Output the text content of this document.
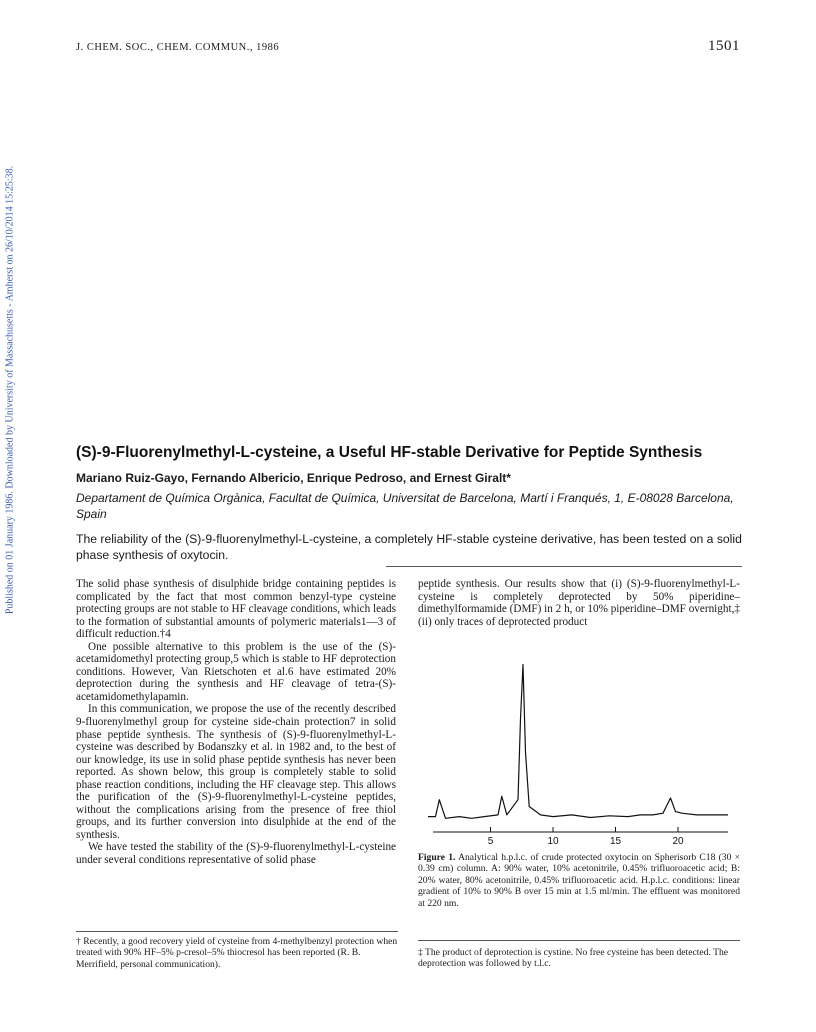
J. CHEM. SOC., CHEM. COMMUN., 1986	1501
Published on 01 January 1986. Downloaded by University of Massachusetts - Amherst on 26/10/2014 15:25:38.	(S)-9-Fluorenylmethyl-L-cysteine, a Useful HF-stable Derivative for Peptide Synthesis
Mariano Ruiz-Gayo, Fernando Albericio, Enrique Pedroso, and Ernest Giralt*
Departament de Química Orgànica, Facultat de Química, Universitat de Barcelona, Martí i Franqués, 1, E-08028 Barcelona, Spain
The reliability of the (S)-9-fluorenylmethyl-L-cysteine, a completely HF-stable cysteine derivative, has been tested on a solid phase synthesis of oxytocin.

The solid phase synthesis of disulphide bridge containing peptides is complicated by the fact that most common benzyl-type cysteine protecting groups are not stable to HF cleavage conditions, which leads to the formation of substantial amounts of polymeric materials1—3 of difficult reduction.†4

One possible alternative to this problem is the use of the (S)-acetamidomethyl protecting group,5 which is stable to HF deprotection conditions. However, Van Rietschoten et al.6 have estimated 20% deprotection during the synthesis and HF cleavage of tetra-(S)-acetamidomethylapamin.

In this communication, we propose the use of the recently described 9-fluorenylmethyl group for cysteine side-chain protection7 in solid phase peptide synthesis. The synthesis of (S)-9-fluorenylmethyl-L-cysteine was described by Bodanszky et al. in 1982 and, to the best of our knowledge, its use in solid phase peptide synthesis has never been reported. As shown below, this group is completely stable to solid phase reaction conditions, including the HF cleavage step. This allows the purification of the (S)-9-fluorenylmethyl-L-cysteine peptides, without the complications arising from the presence of free thiol groups, and its further conversion into disulphide at the end of the synthesis.

We have tested the stability of the (S)-9-fluorenylmethyl-L-cysteine under several conditions representative of solid phase

peptide synthesis. Our results show that (i) (S)-9-fluorenylmethyl-L-cysteine is completely deprotected by 50% piperidine–dimethylformamide (DMF) in 2 h, or 10% piperidine–DMF overnight,‡ (ii) only traces of deprotected product

5	10	15	20
Figure 1. Analytical h.p.l.c. of crude protected oxytocin on Spherisorb C18 (30 × 0.39 cm) column. A: 90% water, 10% acetonitrile, 0.45% trifluoroacetic acid; B: 20% water, 80% acetonitrile, 0.45% trifluoroacetic acid. H.p.l.c. conditions: linear gradient of 10% to 90% B over 15 min at 1.5 ml/min. The effluent was monitored at 220 nm.
† Recently, a good recovery yield of cysteine from 4-methylbenzyl protection when treated with 90% HF–5% p-cresol–5% thiocresol has been reported (R. B. Merrifield, personal communication).
‡ The product of deprotection is cystine. No free cysteine has been detected. The deprotection was followed by t.l.c.
